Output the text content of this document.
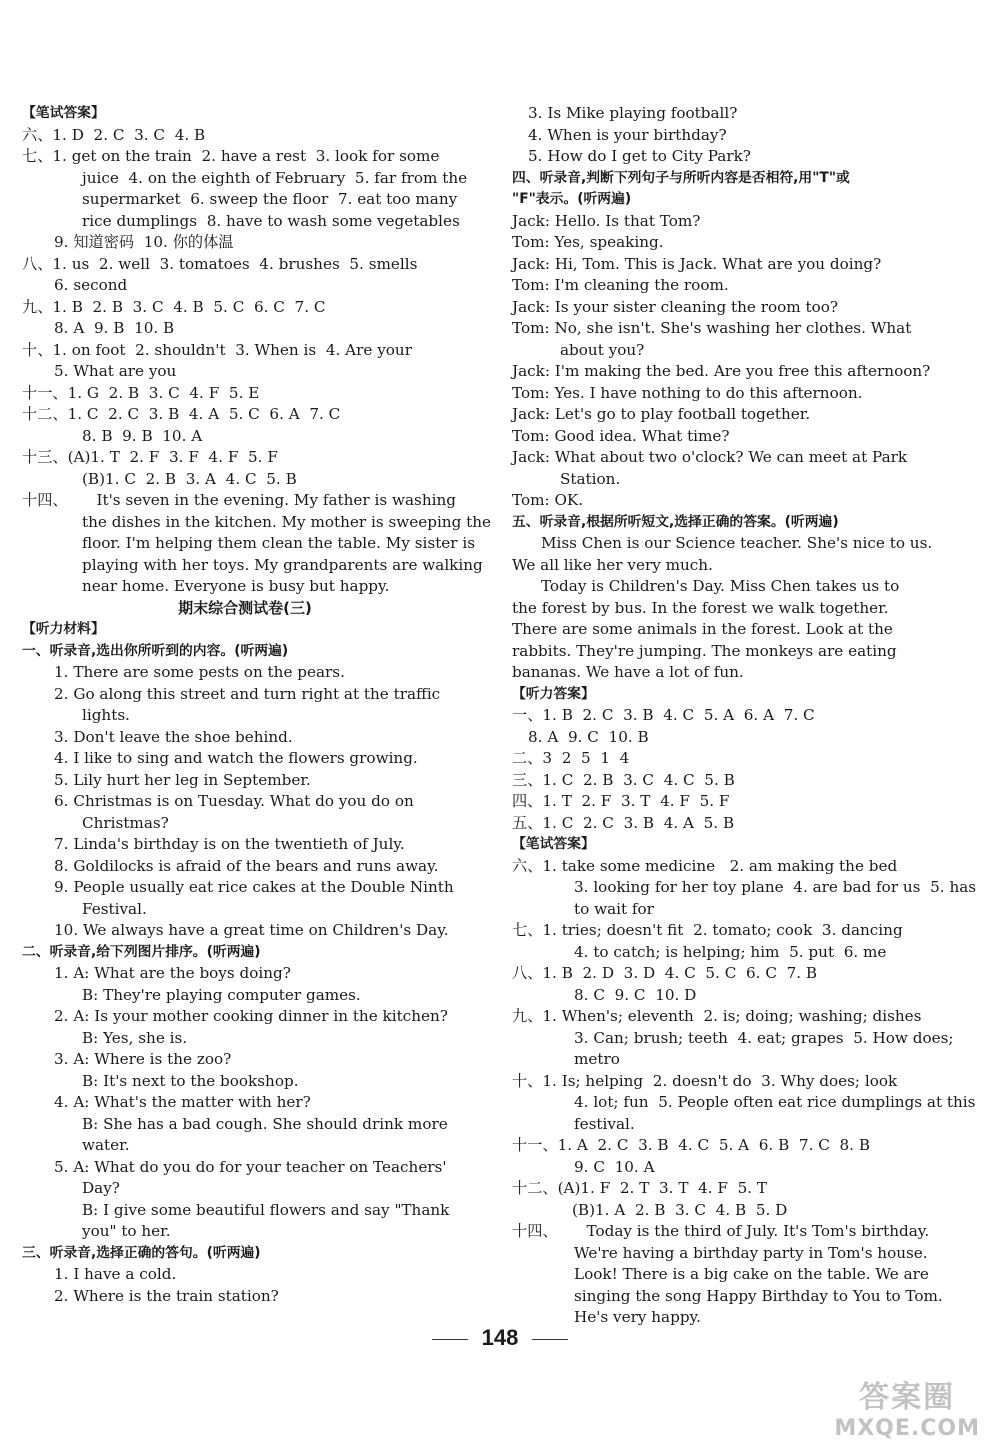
【笔试答案】
六、1. D  2. C  3. C  4. B
七、1. get on the train  2. have a rest  3. look for some
juice  4. on the eighth of February  5. far from the
supermarket  6. sweep the floor  7. eat too many
rice dumplings  8. have to wash some vegetables
9. 知道密码  10. 你的体温
八、1. us  2. well  3. tomatoes  4. brushes  5. smells
6. second
九、1. B  2. B  3. C  4. B  5. C  6. C  7. C
8. A  9. B  10. B
十、1. on foot  2. shouldn't  3. When is  4. Are your
5. What are you
十一、1. G  2. B  3. C  4. F  5. E
十二、1. C  2. C  3. B  4. A  5. C  6. A  7. C
8. B  9. B  10. A
十三、(A)1. T  2. F  3. F  4. F  5. F
(B)1. C  2. B  3. A  4. C  5. B
十四、      It's seven in the evening. My father is washing
the dishes in the kitchen. My mother is sweeping the
floor. I'm helping them clean the table. My sister is
playing with her toys. My grandparents are walking
near home. Everyone is busy but happy.
期末综合测试卷(三)
【听力材料】
一、听录音,选出你所听到的内容。(听两遍)
1. There are some pests on the pears.
2. Go along this street and turn right at the traffic
lights.
3. Don't leave the shoe behind.
4. I like to sing and watch the flowers growing.
5. Lily hurt her leg in September.
6. Christmas is on Tuesday. What do you do on
Christmas?
7. Linda's birthday is on the twentieth of July.
8. Goldilocks is afraid of the bears and runs away.
9. People usually eat rice cakes at the Double Ninth
Festival.
10. We always have a great time on Children's Day.
二、听录音,给下列图片排序。(听两遍)
1. A: What are the boys doing?
B: They're playing computer games.
2. A: Is your mother cooking dinner in the kitchen?
B: Yes, she is.
3. A: Where is the zoo?
B: It's next to the bookshop.
4. A: What's the matter with her?
B: She has a bad cough. She should drink more
water.
5. A: What do you do for your teacher on Teachers'
Day?
B: I give some beautiful flowers and say "Thank
you" to her.
三、听录音,选择正确的答句。(听两遍)
1. I have a cold.
2. Where is the train station?
3. Is Mike playing football?
4. When is your birthday?
5. How do I get to City Park?
四、听录音,判断下列句子与所听内容是否相符,用"T"或
"F"表示。(听两遍)
Jack: Hello. Is that Tom?
Tom: Yes, speaking.
Jack: Hi, Tom. This is Jack. What are you doing?
Tom: I'm cleaning the room.
Jack: Is your sister cleaning the room too?
Tom: No, she isn't. She's washing her clothes. What
about you?
Jack: I'm making the bed. Are you free this afternoon?
Tom: Yes. I have nothing to do this afternoon.
Jack: Let's go to play football together.
Tom: Good idea. What time?
Jack: What about two o'clock? We can meet at Park
Station.
Tom: OK.
五、听录音,根据所听短文,选择正确的答案。(听两遍)
Miss Chen is our Science teacher. She's nice to us.
We all like her very much.
Today is Children's Day. Miss Chen takes us to
the forest by bus. In the forest we walk together.
There are some animals in the forest. Look at the
rabbits. They're jumping. The monkeys are eating
bananas. We have a lot of fun.
【听力答案】
一、1. B  2. C  3. B  4. C  5. A  6. A  7. C
8. A  9. C  10. B
二、3  2  5  1  4
三、1. C  2. B  3. C  4. C  5. B
四、1. T  2. F  3. T  4. F  5. F
五、1. C  2. C  3. B  4. A  5. B
【笔试答案】
六、1. take some medicine   2. am making the bed
3. looking for her toy plane  4. are bad for us  5. has
to wait for
七、1. tries; doesn't fit  2. tomato; cook  3. dancing
4. to catch; is helping; him  5. put  6. me
八、1. B  2. D  3. D  4. C  5. C  6. C  7. B
8. C  9. C  10. D
九、1. When's; eleventh  2. is; doing; washing; dishes
3. Can; brush; teeth  4. eat; grapes  5. How does;
metro
十、1. Is; helping  2. doesn't do  3. Why does; look
4. lot; fun  5. People often eat rice dumplings at this
festival.
十一、1. A  2. C  3. B  4. C  5. A  6. B  7. C  8. B
9. C  10. A
十二、(A)1. F  2. T  3. T  4. F  5. T
(B)1. A  2. B  3. C  4. B  5. D
十四、      Today is the third of July. It's Tom's birthday.
We're having a birthday party in Tom's house.
Look! There is a big cake on the table. We are
singing the song Happy Birthday to You to Tom.
He's very happy.
148
答案圈
MXQE.COM
